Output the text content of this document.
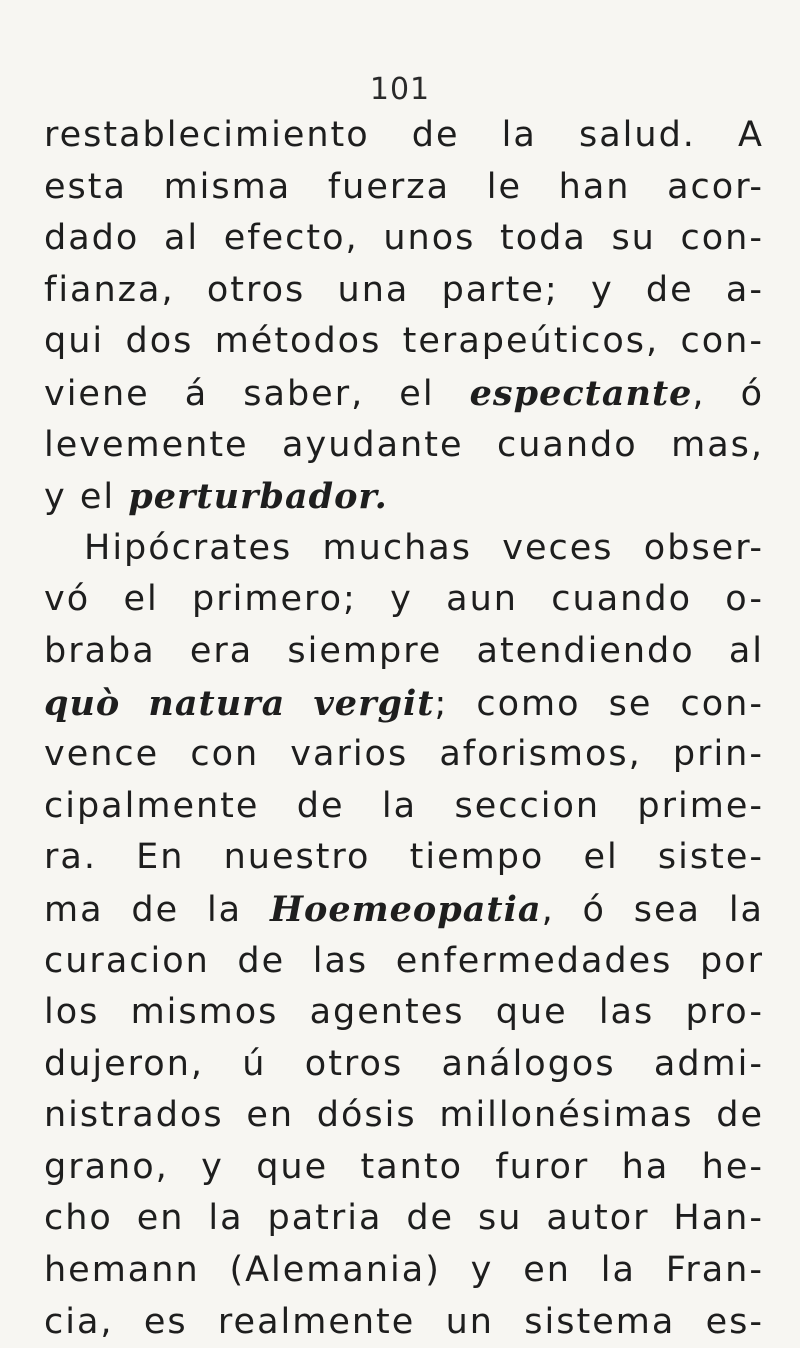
101
restablecimiento de la salud. A
esta misma fuerza le han acor-
dado al efecto, unos toda su con-
fianza, otros una parte; y de a-
qui dos métodos terapeúticos, con-
viene á saber, el espectante, ó
levemente ayudante cuando mas,
y el perturbador.
Hipócrates muchas veces obser-
vó el primero; y aun cuando o-
braba era siempre atendiendo al
quò natura vergit; como se con-
vence con varios aforismos, prin-
cipalmente de la seccion prime-
ra. En nuestro tiempo el siste-
ma de la Hoemeopatia, ó sea la
curacion de las enfermedades por
los mismos agentes que las pro-
dujeron, ú otros análogos admi-
nistrados en dósis millonésimas de
grano, y que tanto furor ha he-
cho en la patria de su autor Han-
hemann (Alemania) y en la Fran-
cia, es realmente un sistema es-
